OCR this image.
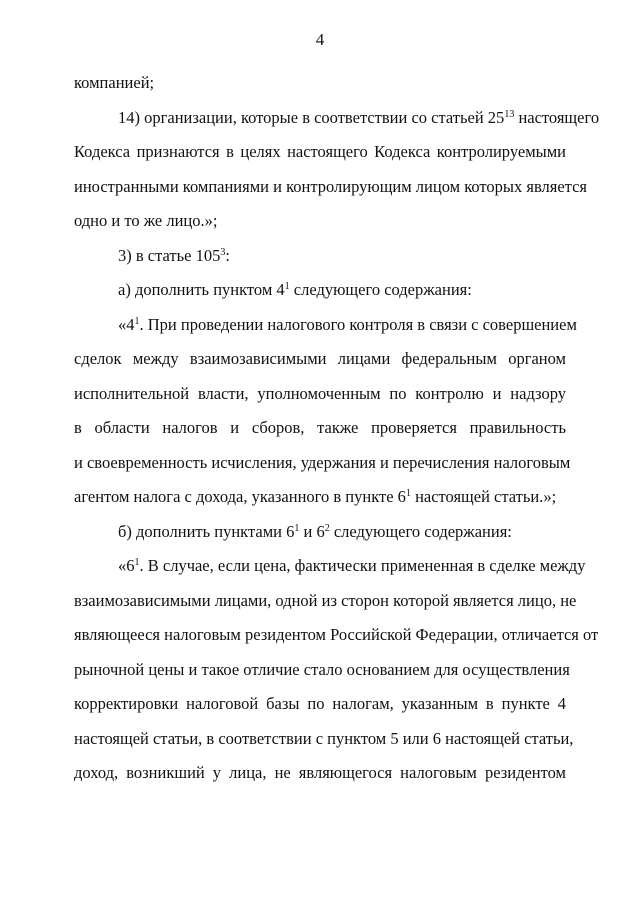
4
компанией;
14) организации, которые в соответствии со статьей $25^{13}$ настоящего
Кодекса признаются в целях настоящего Кодекса контролируемыми
иностранными компаниями и контролирующим лицом которых является
одно и то же лицо.»;
3) в статье $105^3$:
а) дополнить пунктом $4^1$ следующего содержания:
«$4^1$. При проведении налогового контроля в связи с совершением
сделок между взаимозависимыми лицами федеральным органом
исполнительной власти, уполномоченным по контролю и надзору
в области налогов и сборов, также проверяется правильность
и своевременность исчисления, удержания и перечисления налоговым
агентом налога с дохода, указанного в пункте $6^1$ настоящей статьи.»;
б) дополнить пунктами $6^1$ и $6^2$ следующего содержания:
«$6^1$. В случае, если цена, фактически примененная в сделке между
взаимозависимыми лицами, одной из сторон которой является лицо, не
являющееся налоговым резидентом Российской Федерации, отличается от
рыночной цены и такое отличие стало основанием для осуществления
корректировки налоговой базы по налогам, указанным в пункте 4
настоящей статьи, в соответствии с пунктом 5 или 6 настоящей статьи,
доход, возникший у лица, не являющегося налоговым резидентом
